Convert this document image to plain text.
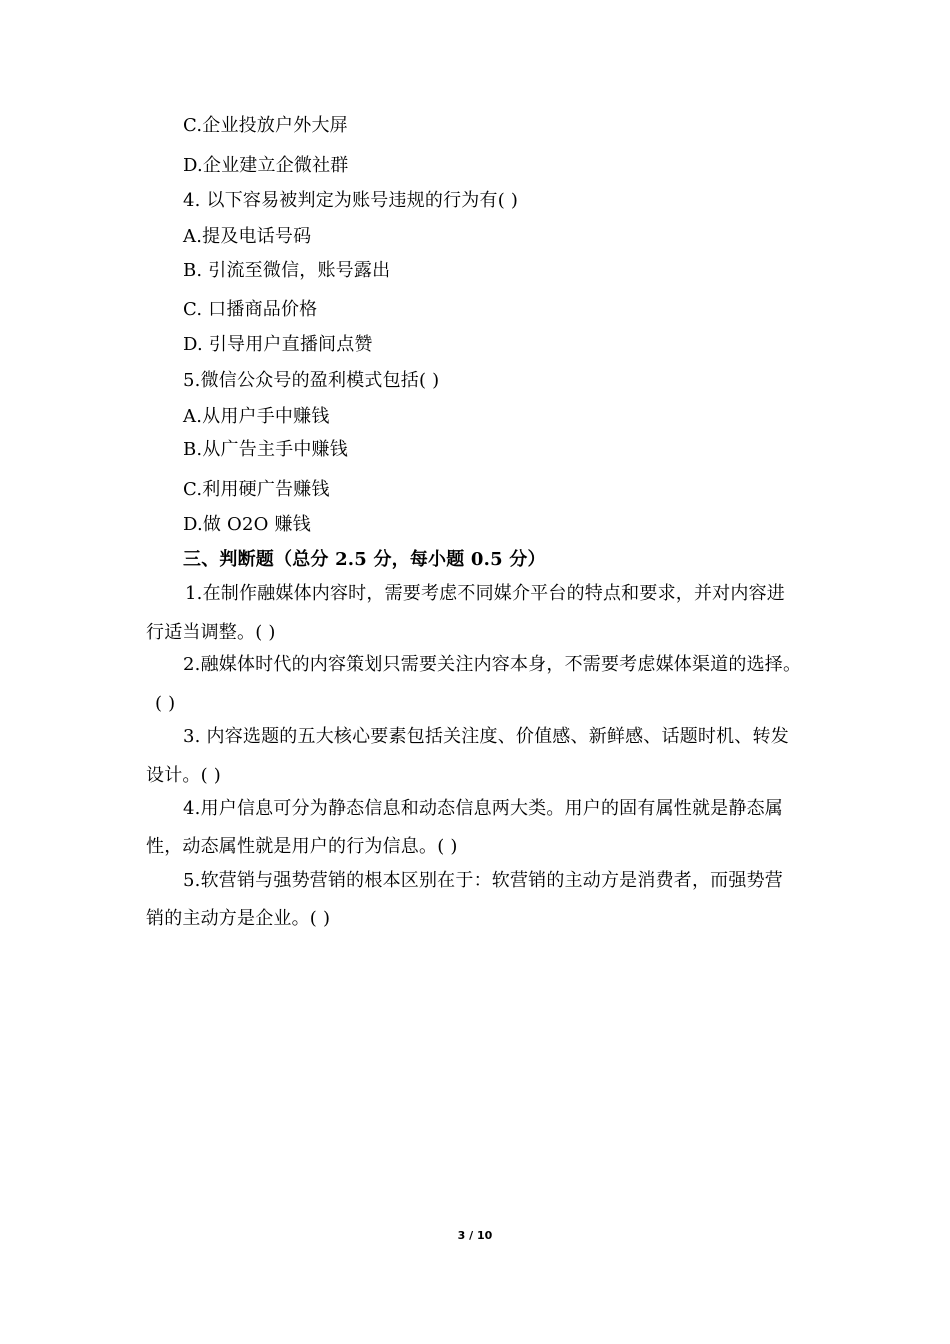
C.企业投放户外大屏
D.企业建立企微社群
4. 以下容易被判定为账号违规的行为有( )
A.提及电话号码
B. 引流至微信，账号露出
C. 口播商品价格
D. 引导用户直播间点赞
5.微信公众号的盈利模式包括( )
A.从用户手中赚钱
B.从广告主手中赚钱
C.利用硬广告赚钱
D.做 O2O 赚钱
三、判断题（总分 2.5 分，每小题 0.5 分）
1.在制作融媒体内容时，需要考虑不同媒介平台的特点和要求，并对内容进
行适当调整。( )
2.融媒体时代的内容策划只需要关注内容本身，不需要考虑媒体渠道的选择。
( )
3. 内容选题的五大核心要素包括关注度、价值感、新鲜感、话题时机、转发
设计。( )
4.用户信息可分为静态信息和动态信息两大类。用户的固有属性就是静态属
性，动态属性就是用户的行为信息。( )
5.软营销与强势营销的根本区别在于：软营销的主动方是消费者，而强势营
销的主动方是企业。( )
3 / 10
